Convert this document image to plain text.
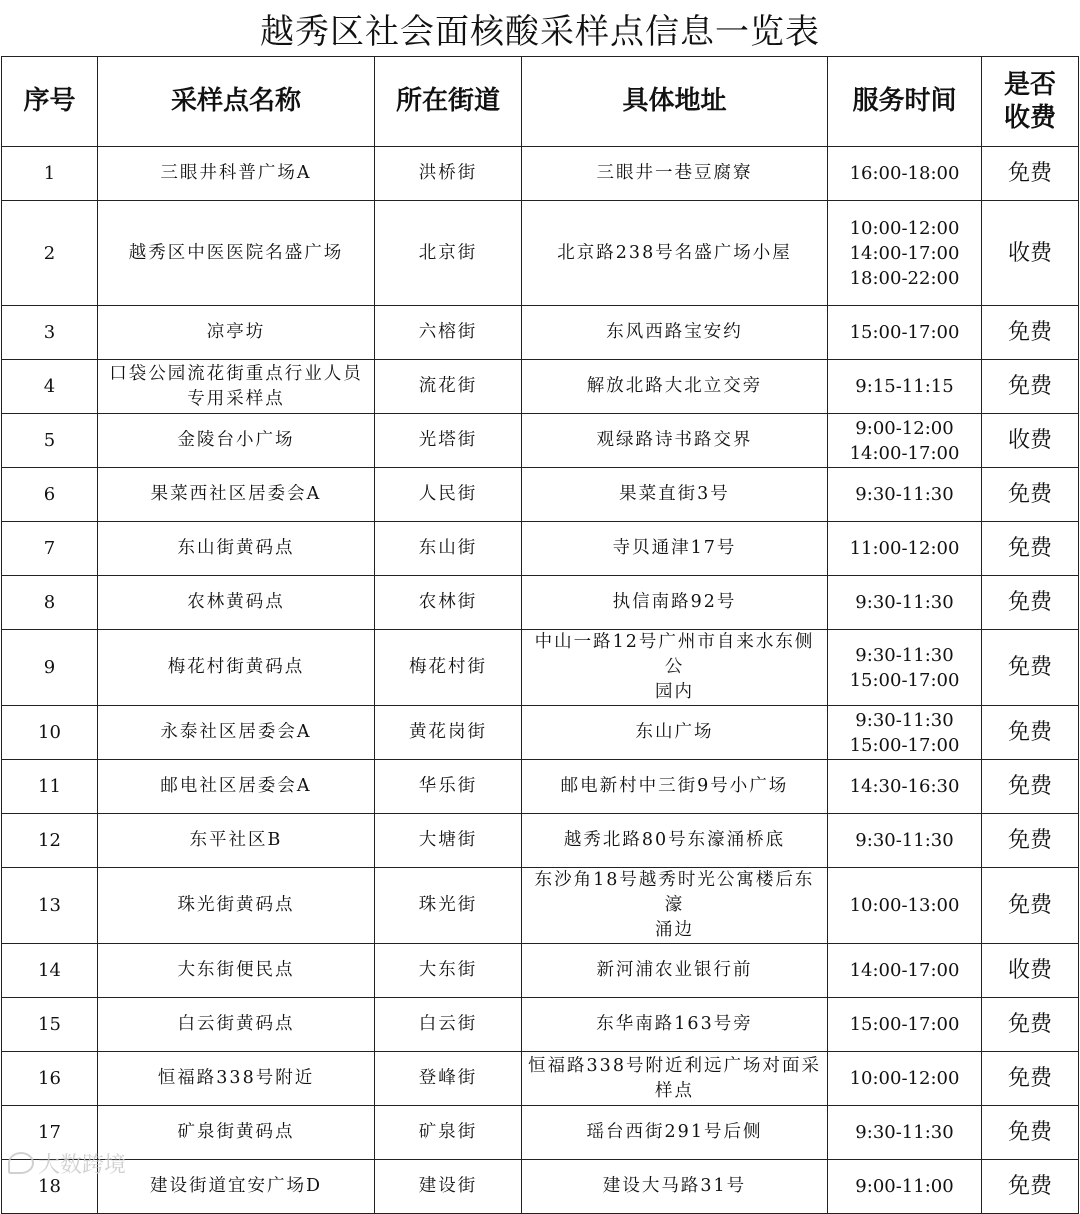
越秀区社会面核酸采样点信息一览表
序号	采样点名称	所在街道	具体地址	服务时间	是否
收费

1	三眼井科普广场A	洪桥街	三眼井一巷豆腐寮	16:00-18:00	免费
2	越秀区中医医院名盛广场	北京街	北京路238号名盛广场小屋	10:00-12:00
14:00-17:00
18:00-22:00	收费
3	凉亭坊	六榕街	东风西路宝安约	15:00-17:00	免费
4	口袋公园流花街重点行业人员
专用采样点	流花街	解放北路大北立交旁	9:15-11:15	免费
5	金陵台小广场	光塔街	观绿路诗书路交界	9:00-12:00
14:00-17:00	收费
6	果菜西社区居委会A	人民街	果菜直街3号	9:30-11:30	免费
7	东山街黄码点	东山街	寺贝通津17号	11:00-12:00	免费
8	农林黄码点	农林街	执信南路92号	9:30-11:30	免费
9	梅花村街黄码点	梅花村街	中山一路12号广州市自来水东侧公
园内	9:30-11:30
15:00-17:00	免费
10	永泰社区居委会A	黄花岗街	东山广场	9:30-11:30
15:00-17:00	免费
11	邮电社区居委会A	华乐街	邮电新村中三街9号小广场	14:30-16:30	免费
12	东平社区B	大塘街	越秀北路80号东濠涌桥底	9:30-11:30	免费
13	珠光街黄码点	珠光街	东沙角18号越秀时光公寓楼后东濠
涌边	10:00-13:00	免费
14	大东街便民点	大东街	新河浦农业银行前	14:00-17:00	收费
15	白云街黄码点	白云街	东华南路163号旁	15:00-17:00	免费
16	恒福路338号附近	登峰街	恒福路338号附近利远广场对面采
样点	10:00-12:00	免费
17	矿泉街黄码点	矿泉街	瑶台西街291号后侧	9:30-11:30	免费
18	建设街道宜安广场D	建设街	建设大马路31号	9:00-11:00	免费
大数跨境
